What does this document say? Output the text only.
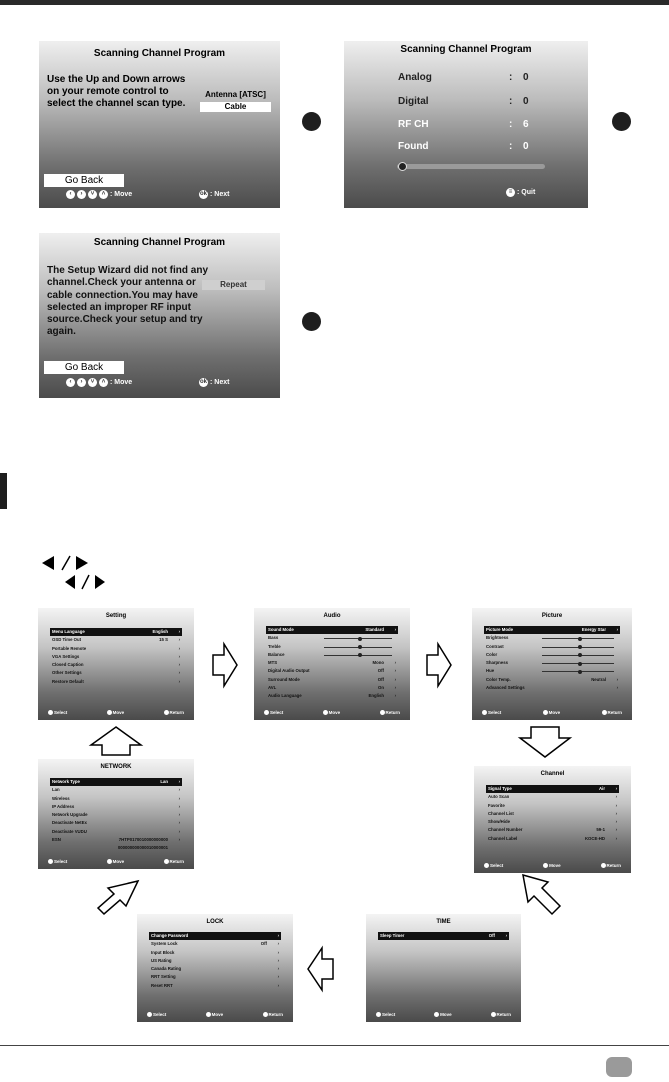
Scanning Channel Program
Use the Up and Down arrows
on your remote control to
select the channel scan type.
Antenna [ATSC]
Cable
Go Back
‹	›	˅	˄ : Move	ok : Next
Scanning Channel Program
Analog	: 0
Digital	: 0
RF CH	: 6
Found	: 0
≡ : Quit
Scanning Channel Program
The Setup Wizard did not find any
channel.Check your antenna or
cable connection.You may have
selected an improper RF input
source.Check your setup and try
again.
Repeat
Go Back
‹	›	˅	˄ : Move	ok : Next
Setting
Menu Language	English ›
OSD Time Out	15 S ›
Portable Remote	›
VGA Settings	›
Closed Caption	›
Other Settings	›
Restore Default	›
Select	Move	Return
Audio
Sound Mode	Standard ›
Bass
Treble
Balance
MTS	Mono ›
Digital Audio Output	Off ›
Surround Mode	Off ›
AVL	On ›
Audio Language	English ›
Select	Move	Return
Picture
Picture Mode	Energy Star ›
Brightness
Contrast
Color
Sharpness
Hue
Color Temp.	Neutral ›
Advanced Settings	›
Select	Move	Return
NETWORK
Network Type	Lan ›
Lan	›
Wireless	›
IP Address	›
Network Upgrade	›
Deactivate NetEx	›
Deactivate VUDU	›
ESN	7HTP0170010000000000 ›
000000000000010000001
Select	Move	Return
Channel
Signal Type	Air ›
Auto Scan	›
Favorite	›
Channel List	›
Show/Hide	›
Channel Number	59-1 ›
Channel Label	KOCE-HD ›
Select	Move	Return
LOCK
Change Password	›
System Lock	Off ›
Input Block	›
US Rating	›
Canada Rating	›
RRT Setting	›
Reset RRT	›
Select	Move	Return
TIME
Sleep Timer	Off ›
Select	Move	Return
